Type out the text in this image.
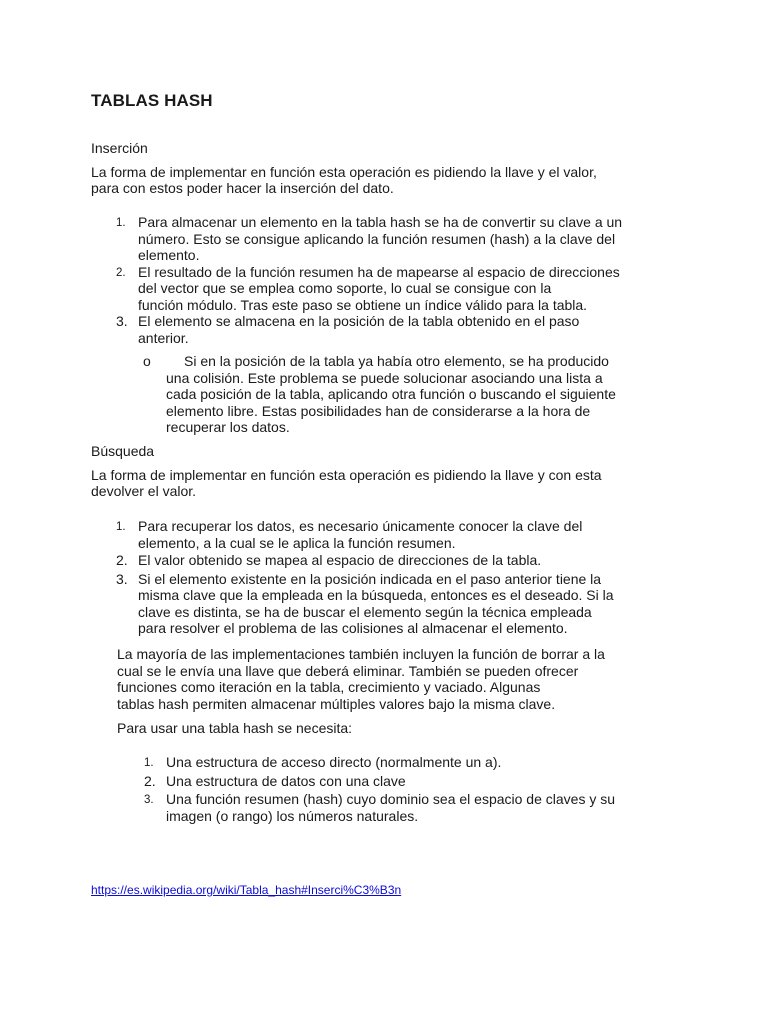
TABLAS HASH
Inserción
La forma de implementar en función esta operación es pidiendo la llave y el valor,
para con estos poder hacer la inserción del dato.
1. Para almacenar un elemento en la tabla hash se ha de convertir su clave a un
número. Esto se consigue aplicando la función resumen (hash) a la clave del
elemento.
2. El resultado de la función resumen ha de mapearse al espacio de direcciones
del vector que se emplea como soporte, lo cual se consigue con la
función módulo. Tras este paso se obtiene un índice válido para la tabla.
3. El elemento se almacena en la posición de la tabla obtenido en el paso
anterior.
o	Si en la posición de la tabla ya había otro elemento, se ha producido
una colisión. Este problema se puede solucionar asociando una lista a
cada posición de la tabla, aplicando otra función o buscando el siguiente
elemento libre. Estas posibilidades han de considerarse a la hora de
recuperar los datos.
Búsqueda
La forma de implementar en función esta operación es pidiendo la llave y con esta
devolver el valor.
1. Para recuperar los datos, es necesario únicamente conocer la clave del
elemento, a la cual se le aplica la función resumen.
2. El valor obtenido se mapea al espacio de direcciones de la tabla.
3. Si el elemento existente en la posición indicada en el paso anterior tiene la
misma clave que la empleada en la búsqueda, entonces es el deseado. Si la
clave es distinta, se ha de buscar el elemento según la técnica empleada
para resolver el problema de las colisiones al almacenar el elemento.
La mayoría de las implementaciones también incluyen la función de borrar a la
cual se le envía una llave que deberá eliminar. También se pueden ofrecer
funciones como iteración en la tabla, crecimiento y vaciado. Algunas
tablas hash permiten almacenar múltiples valores bajo la misma clave.
Para usar una tabla hash se necesita:
1. Una estructura de acceso directo (normalmente un a).
2. Una estructura de datos con una clave
3. Una función resumen (hash) cuyo dominio sea el espacio de claves y su
imagen (o rango) los números naturales.
https://es.wikipedia.org/wiki/Tabla_hash#Inserci%C3%B3n
